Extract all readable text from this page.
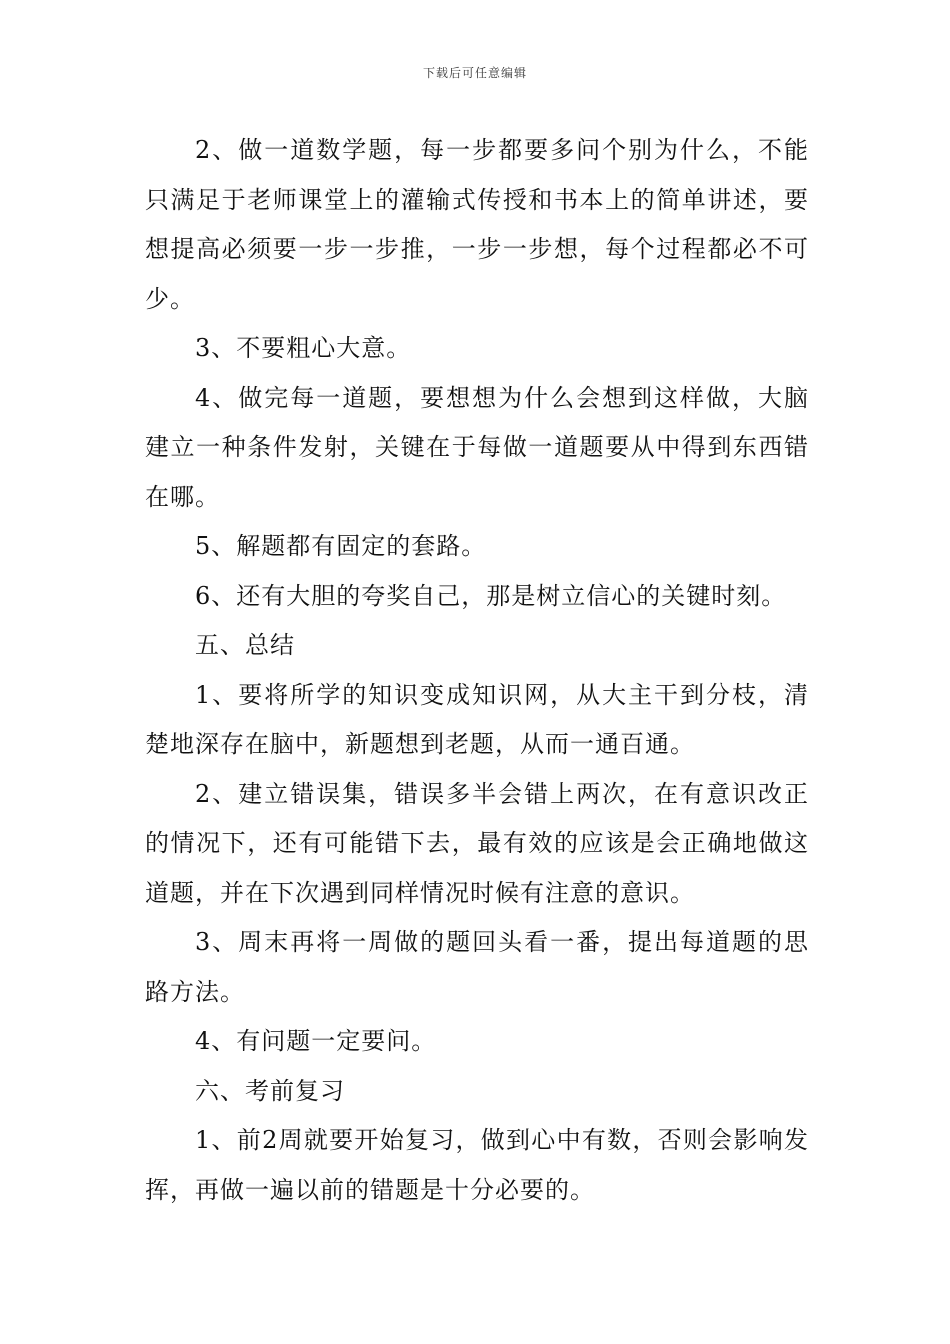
下载后可任意编辑

2、做一道数学题，每一步都要多问个别为什么，不能只满足于老师课堂上的灌输式传授和书本上的简单讲述，要想提高必须要一步一步推，一步一步想，每个过程都必不可少。

3、不要粗心大意。

4、做完每一道题，要想想为什么会想到这样做，大脑建立一种条件发射，关键在于每做一道题要从中得到东西错在哪。

5、解题都有固定的套路。

6、还有大胆的夸奖自己，那是树立信心的关键时刻。

五、总结

1、要将所学的知识变成知识网，从大主干到分枝，清楚地深存在脑中，新题想到老题，从而一通百通。

2、建立错误集，错误多半会错上两次，在有意识改正的情况下，还有可能错下去，最有效的应该是会正确地做这道题，并在下次遇到同样情况时候有注意的意识。

3、周末再将一周做的题回头看一番，提出每道题的思路方法。

4、有问题一定要问。

六、考前复习

1、前2周就要开始复习，做到心中有数，否则会影响发挥，再做一遍以前的错题是十分必要的。
